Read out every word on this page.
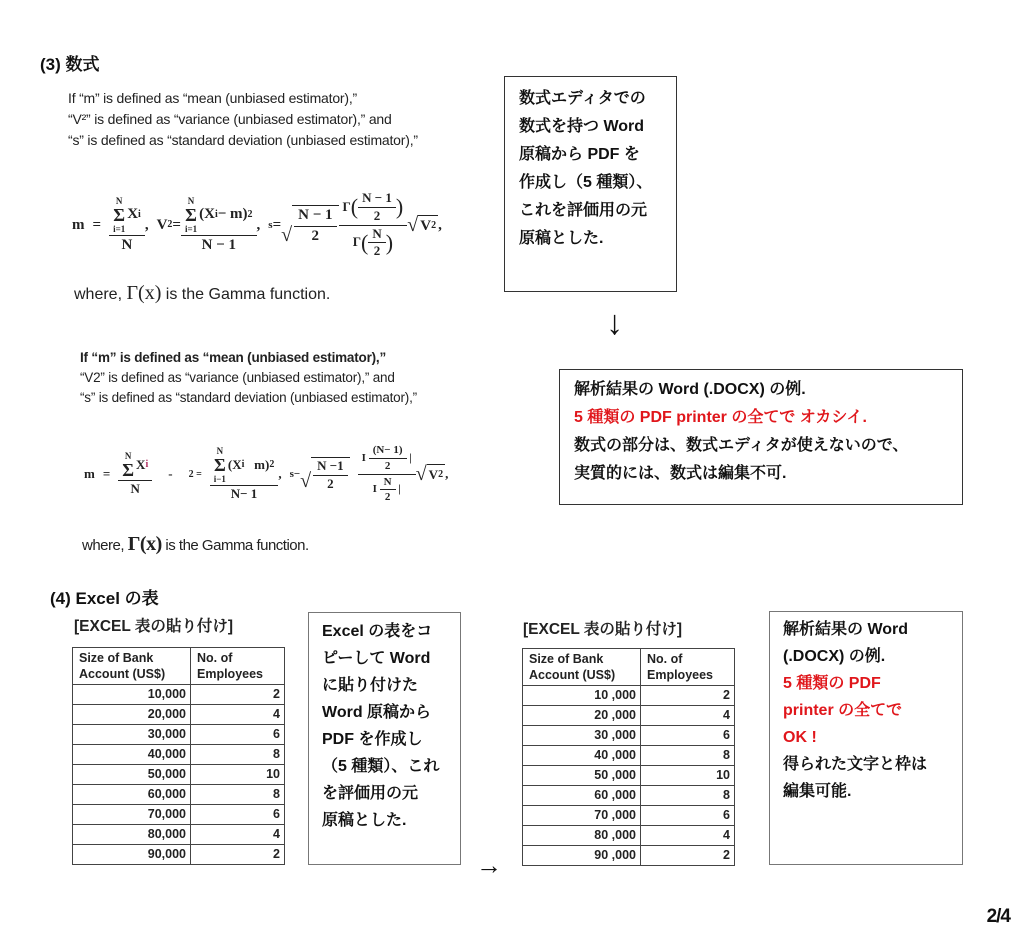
(3) 数式
If “m” is defined as “mean (unbiased estimator),”
“V²” is defined as “variance (unbiased estimator),” and
“s” is defined as “standard deviation (unbiased estimator),”
m = N
Σ
i=1
X i
N , V 2 = N
Σ
i=1
(X i − m) 2
N − 1 , s = √ $\frac{N - 1}{2} \frac{\Gamma ( \frac{N - 1}{2} )}{\Gamma ( \frac{N}{2} )}$ √ V 2 ,
where, Γ(x) is the Gamma function.
数式エディタでの
数式を持つ Word
原稿から PDF を
作成し（5 種類）、
これを評価用の元
原稿とした.
↓
If “m” is defined as “mean (unbiased estimator),”
“V2” is defined as “variance (unbiased estimator),” and
“s” is defined as “standard deviation (unbiased estimator),”
m = N
Σ X i
N - 2 = N
Σ
i−1
(X i m) 2
N− 1 , s− √ $\frac{N -1}{2} \frac{I \frac{(N- 1)}{2} |}{I \frac{N}{2} |}$ √ V 2 ,
where, Γ(x) is the Gamma function.
解析結果の Word (.DOCX) の例.
5 種類の PDF printer の全てで オカシイ.
数式の部分は、数式エディタが使えないので、
実質的には、数式は編集不可.
(4) Excel の表
[EXCEL 表の貼り付け]
Size of Bank
Account (US$)	No. of
Employees
10,000	2
20,000	4
30,000	6
40,000	8
50,000	10
60,000	8
70,000	6
80,000	4
90,000	2
Excel の表をコ
ピーして Word
に貼り付けた
Word 原稿から
PDF を作成し
（5 種類）、これ
を評価用の元
原稿とした.
→
[EXCEL 表の貼り付け]
Size of Bank
Account (US$)	No. of
Employees
10 ,000	2
20 ,000	4
30 ,000	6
40 ,000	8
50 ,000	10
60 ,000	8
70 ,000	6
80 ,000	4
90 ,000	2
解析結果の Word
(.DOCX) の例.
5 種類の PDF
printer の全てで
OK !
得られた文字と枠は
編集可能.
2/4
